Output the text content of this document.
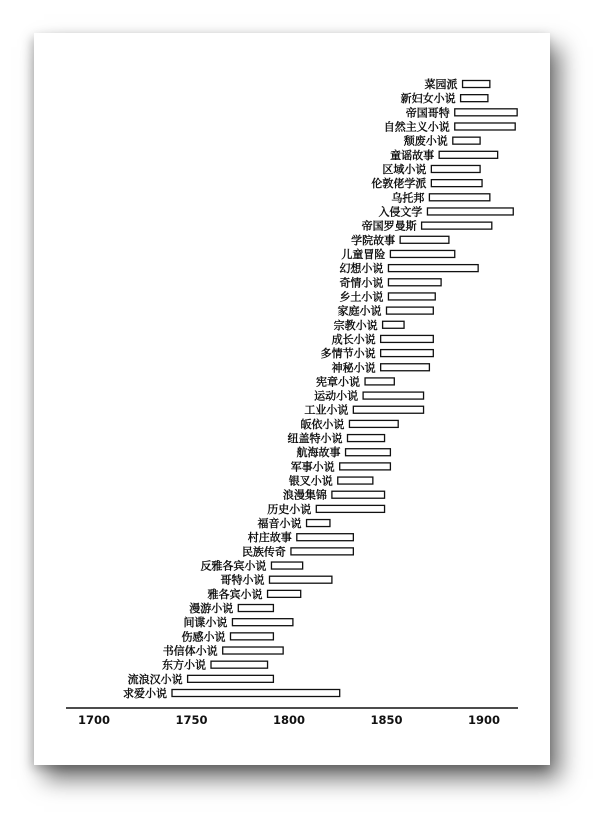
菜园派
新妇女小说
帝国哥特
自然主义小说
颓废小说
童谣故事
区域小说
伦敦佬学派
乌托邦
入侵文学
帝国罗曼斯
学院故事
儿童冒险
幻想小说
奇情小说
乡土小说
家庭小说
宗教小说
成长小说
多情节小说
神秘小说
宪章小说
运动小说
工业小说
皈依小说
纽盖特小说
航海故事
军事小说
银叉小说
浪漫集锦
历史小说
福音小说
村庄故事
民族传奇
反雅各宾小说
哥特小说
雅各宾小说
漫游小说
间谍小说
伤感小说
书信体小说
东方小说
流浪汉小说
求爱小说
1700	1750	1800	1850	1900
